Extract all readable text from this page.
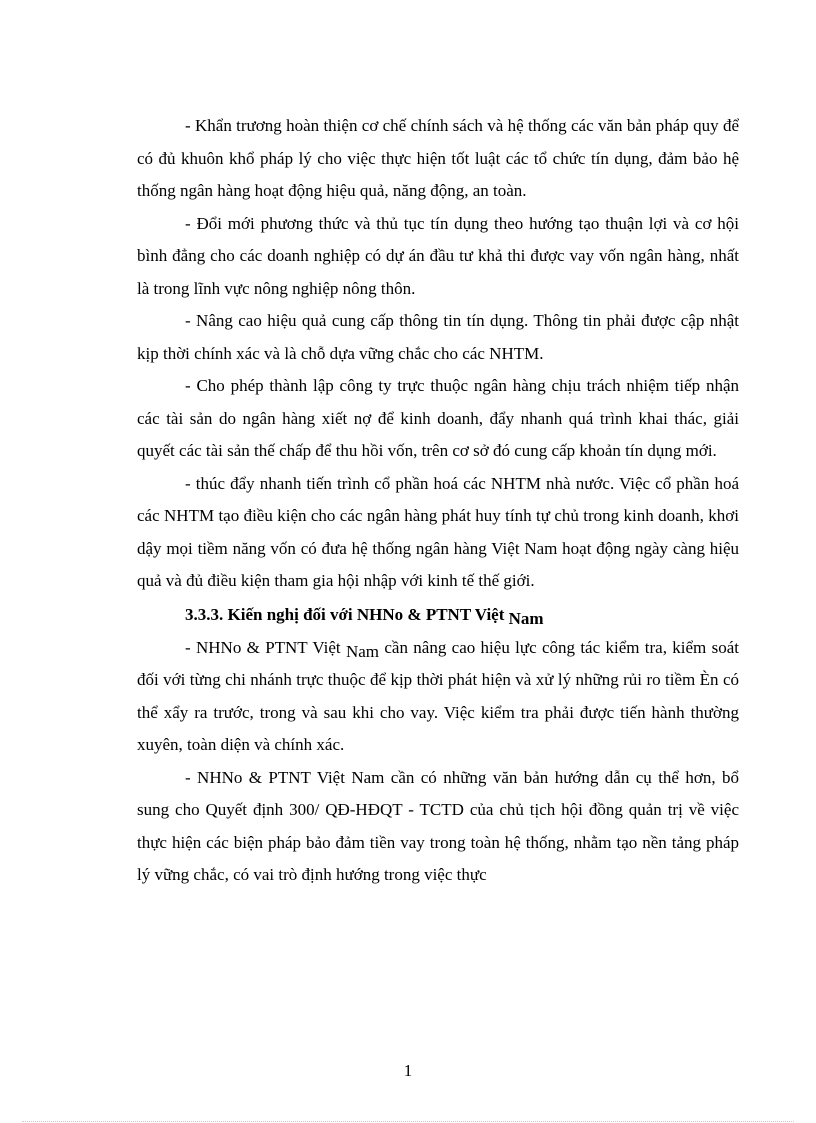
- Khẩn trương hoàn thiện cơ chế chính sách và hệ thống các văn bản pháp quy để có đủ khuôn khổ pháp lý cho việc thực hiện tốt luật các tổ chức tín dụng, đảm bảo hệ thống ngân hàng hoạt động hiệu quả, năng động, an toàn.

- Đổi mới phương thức và thủ tục tín dụng theo hướng tạo thuận lợi và cơ hội bình đẳng cho các doanh nghiệp có dự án đầu tư khả thi được vay vốn ngân hàng, nhất là trong lĩnh vực nông nghiệp nông thôn.

- Nâng cao hiệu quả cung cấp thông tin tín dụng. Thông tin phải được cập nhật kịp thời chính xác và là chỗ dựa vững chắc cho các NHTM.

- Cho phép thành lập công ty trực thuộc ngân hàng chịu trách nhiệm tiếp nhận các tài sản do ngân hàng xiết nợ để kinh doanh, đẩy nhanh quá trình khai thác, giải quyết các tài sản thế chấp để thu hồi vốn, trên cơ sở đó cung cấp khoản tín dụng mới.

- thúc đẩy nhanh tiến trình cổ phần hoá các NHTM nhà nước. Việc cổ phần hoá các NHTM tạo điều kiện cho các ngân hàng phát huy tính tự chủ trong kinh doanh, khơi dậy mọi tiềm năng vốn có đưa hệ thống ngân hàng Việt Nam hoạt động ngày càng hiệu quả và đủ điều kiện tham gia hội nhập với kinh tế thế giới.

3.3.3. Kiến nghị đối với NHNo & PTNT Việt Nam

- NHNo & PTNT Việt Nam cần nâng cao hiệu lực công tác kiểm tra, kiểm soát đối với từng chi nhánh trực thuộc để kịp thời phát hiện và xử lý những rủi ro tiềm Èn có thể xẩy ra trước, trong và sau khi cho vay. Việc kiểm tra phải được tiến hành thường xuyên, toàn diện và chính xác.

- NHNo & PTNT Việt Nam cần có những văn bản hướng dẫn cụ thể hơn, bổ sung cho Quyết định 300/ QĐ-HĐQT - TCTD của chủ tịch hội đồng quản trị về việc thực hiện các biện pháp bảo đảm tiền vay trong toàn hệ thống, nhằm tạo nền tảng pháp lý vững chắc, có vai trò định hướng trong việc thực

1
